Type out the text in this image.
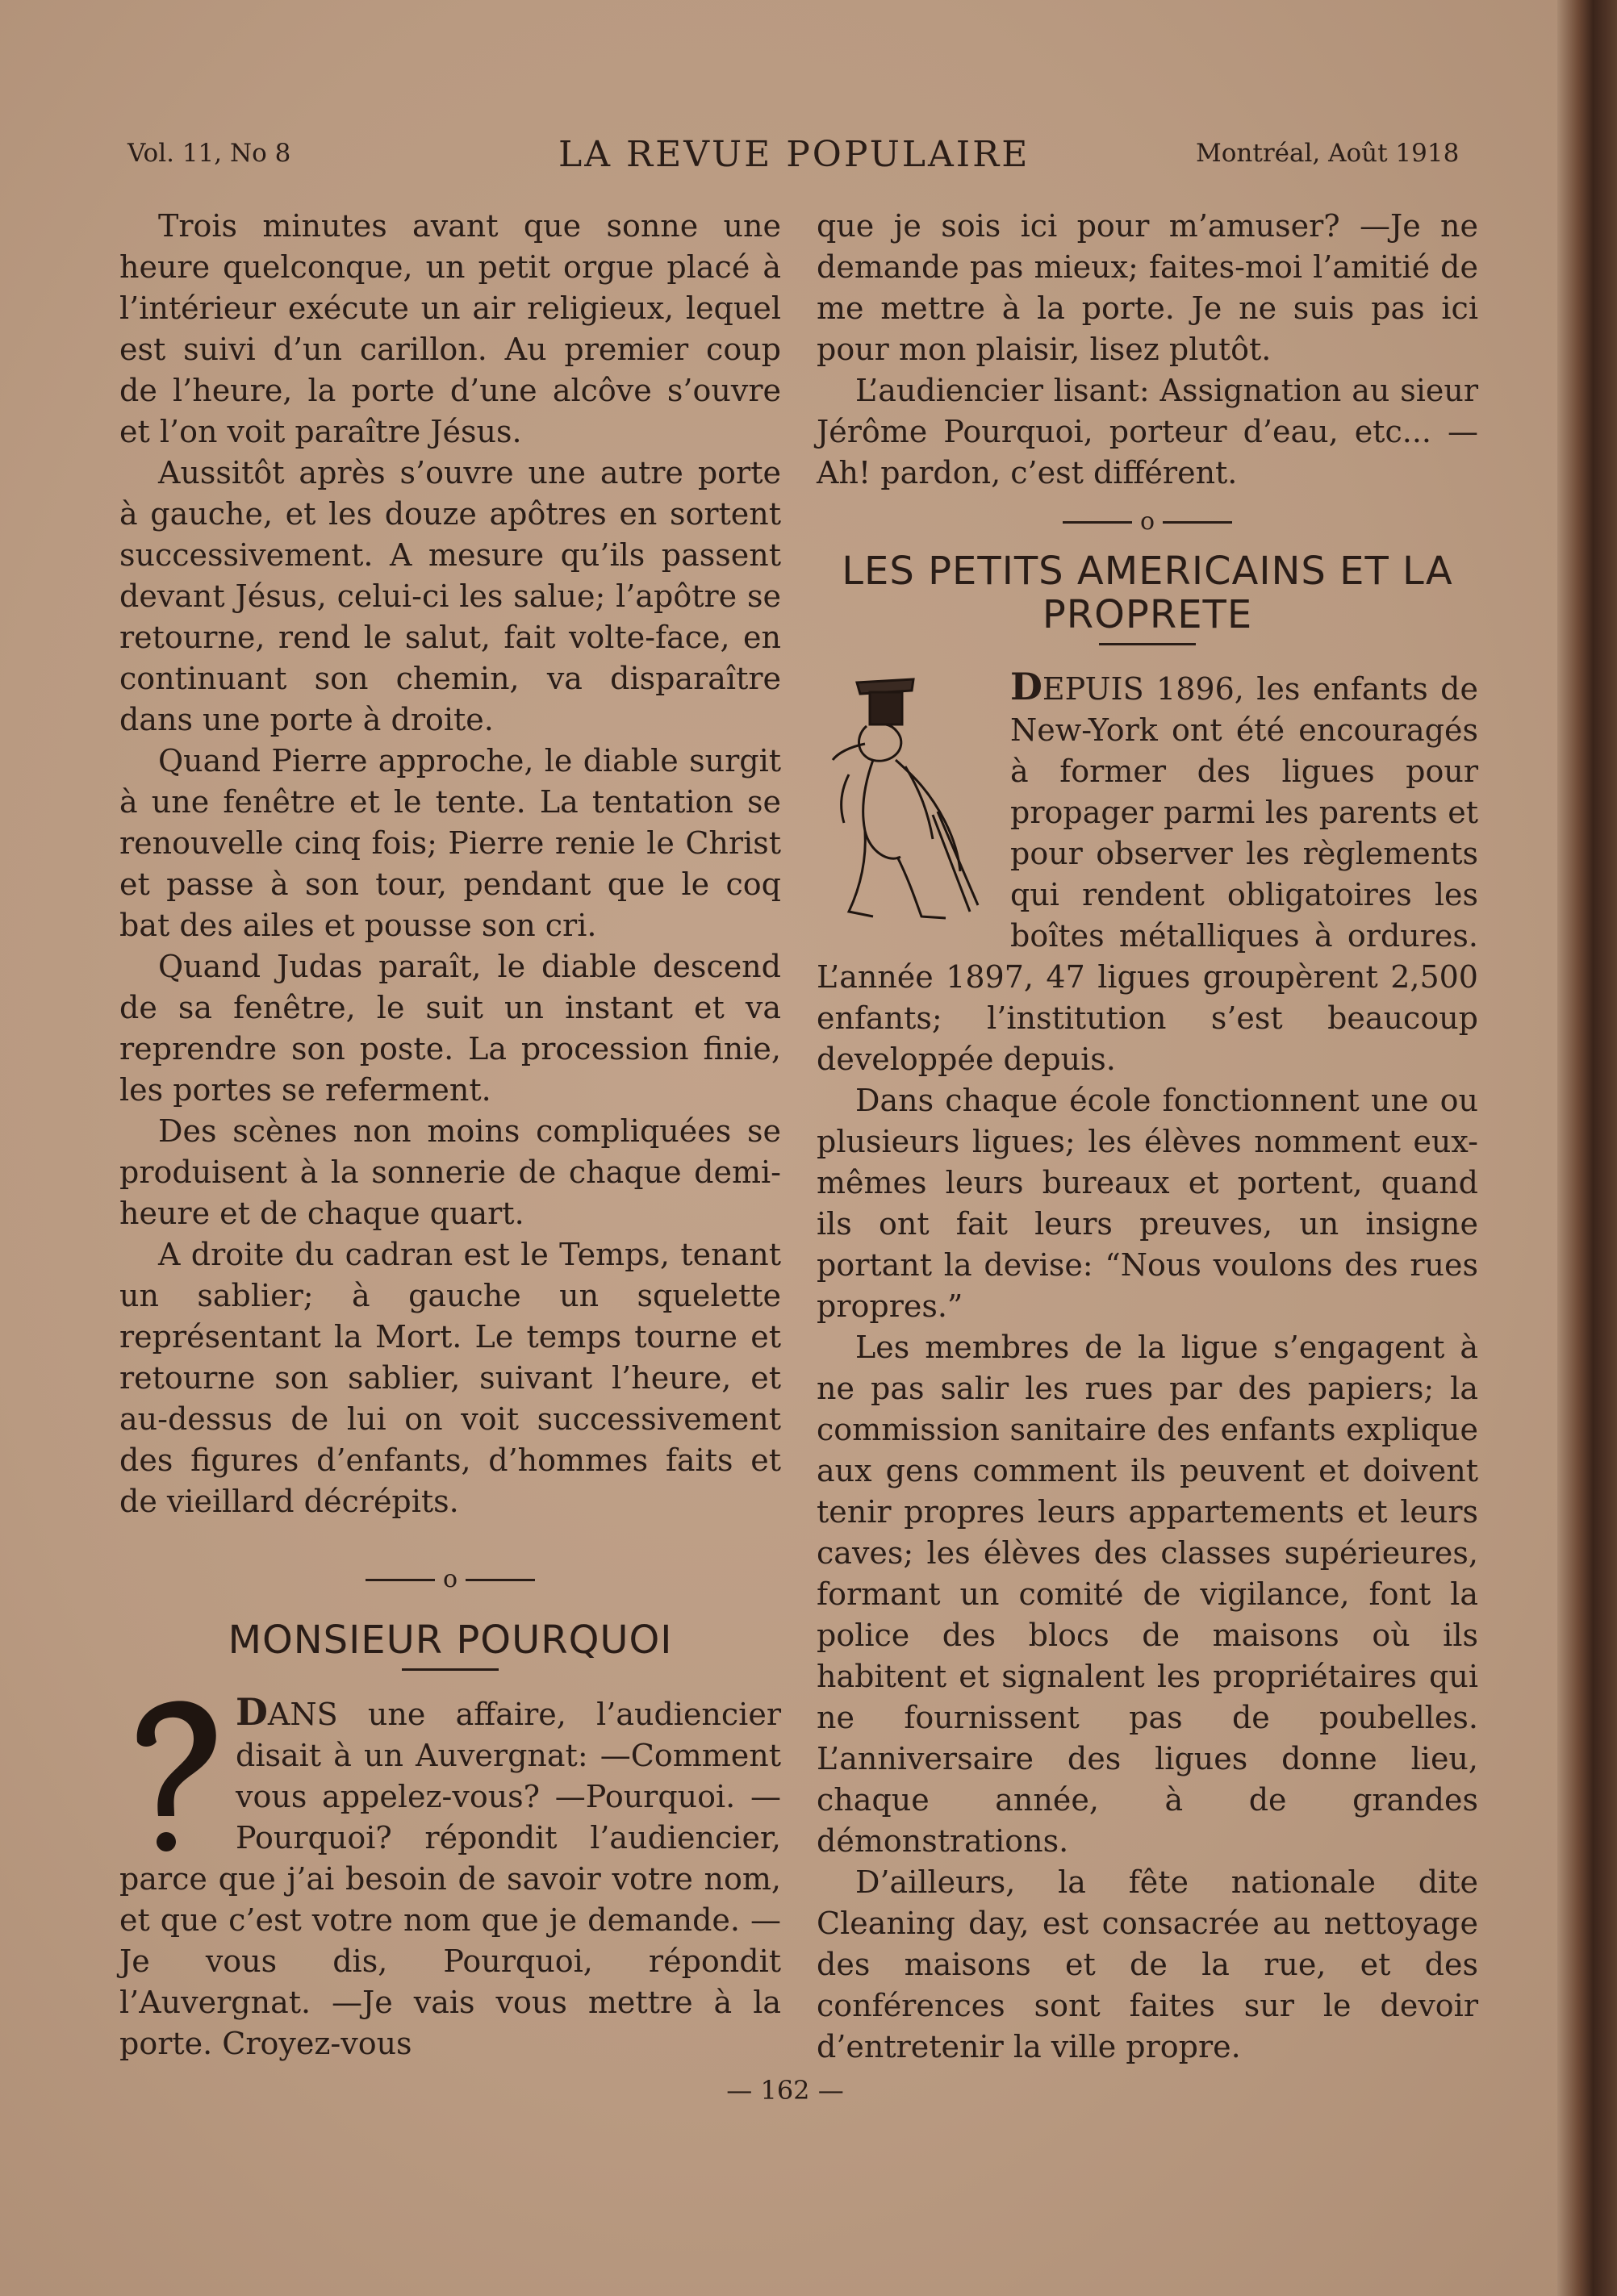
Vol. 11, No 8	LA REVUE POPULAIRE	Montréal, Août 1918

Trois minutes avant que sonne une heure quelconque, un petit orgue placé à l’intérieur exécute un air religieux, lequel est suivi d’un carillon. Au premier coup de l’heure, la porte d’une alcôve s’ouvre et l’on voit paraître Jésus.

Aussitôt après s’ouvre une autre porte à gauche, et les douze apôtres en sortent successivement. A mesure qu’ils passent devant Jésus, celui-ci les salue; l’apôtre se retourne, rend le salut, fait volte-face, en continuant son chemin, va disparaître dans une porte à droite.

Quand Pierre approche, le diable surgit à une fenêtre et le tente. La tentation se renouvelle cinq fois; Pierre renie le Christ et passe à son tour, pendant que le coq bat des ailes et pousse son cri.

Quand Judas paraît, le diable descend de sa fenêtre, le suit un instant et va reprendre son poste. La procession finie, les portes se referment.

Des scènes non moins compliquées se produisent à la sonnerie de chaque demi-heure et de chaque quart.

A droite du cadran est le Temps, tenant un sablier; à gauche un squelette représentant la Mort. Le temps tourne et retourne son sablier, suivant l’heure, et au-dessus de lui on voit successivement des figures d’enfants, d’hommes faits et de vieillard décrépits.

o
MONSIEUR POURQUOI

DANS une affaire, l’audiencier disait à un Auvergnat: —Comment vous appelez-vous? —Pourquoi. —Pourquoi? répondit l’audiencier, parce que j’ai besoin de savoir votre nom, et que c’est votre nom que je demande. —Je vous dis, Pourquoi, répondit l’Auvergnat. —Je vais vous mettre à la porte. Croyez-vous

que je sois ici pour m’amuser? —Je ne demande pas mieux; faites-moi l’amitié de me mettre à la porte. Je ne suis pas ici pour mon plaisir, lisez plutôt.

L’audiencier lisant: Assignation au sieur Jérôme Pourquoi, porteur d’eau, etc... —Ah! pardon, c’est différent.

o
LES PETITS AMERICAINS ET LA PROPRETE

DEPUIS 1896, les enfants de New-York ont été encouragés à former des ligues pour propager parmi les parents et pour observer les règlements qui rendent obligatoires les boîtes métalliques à ordures. L’année 1897, 47 ligues groupèrent 2,500 enfants; l’institution s’est beaucoup developpée depuis.

Dans chaque école fonctionnent une ou plusieurs ligues; les élèves nomment eux-mêmes leurs bureaux et portent, quand ils ont fait leurs preuves, un insigne portant la devise: “Nous voulons des rues propres.”

Les membres de la ligue s’engagent à ne pas salir les rues par des papiers; la commission sanitaire des enfants explique aux gens comment ils peuvent et doivent tenir propres leurs appartements et leurs caves; les élèves des classes supérieures, formant un comité de vigilance, font la police des blocs de maisons où ils habitent et signalent les propriétaires qui ne fournissent pas de poubelles. L’anniversaire des ligues donne lieu, chaque année, à de grandes démonstrations.

D’ailleurs, la fête nationale dite Cleaning day, est consacrée au nettoyage des maisons et de la rue, et des conférences sont faites sur le devoir d’entretenir la ville propre.

— 162 —
